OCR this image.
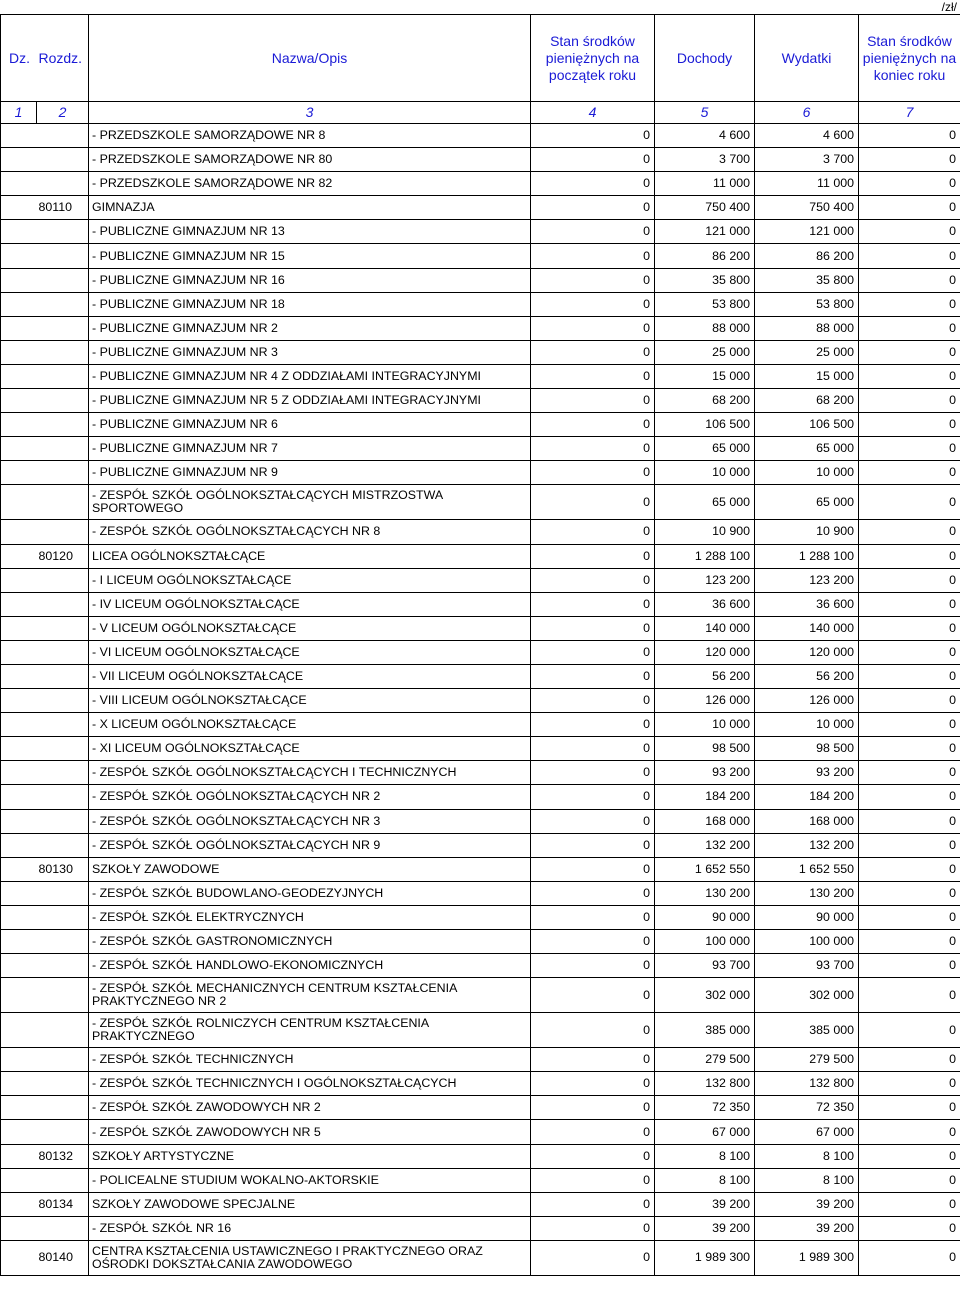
/zł/
Dz.	Rozdz.	Nazwa/Opis	Stan środków pieniężnych na początek roku	Dochody	Wydatki	Stan środków pieniężnych na koniec roku
1	2	3	4	5	6	7
		- PRZEDSZKOLE SAMORZĄDOWE NR 8	0	4 600	4 600	0
		- PRZEDSZKOLE SAMORZĄDOWE NR 80	0	3 700	3 700	0
		- PRZEDSZKOLE SAMORZĄDOWE NR 82	0	11 000	11 000	0
	80110	GIMNAZJA	0	750 400	750 400	0
		- PUBLICZNE GIMNAZJUM NR 13	0	121 000	121 000	0
		- PUBLICZNE GIMNAZJUM NR 15	0	86 200	86 200	0
		- PUBLICZNE GIMNAZJUM NR 16	0	35 800	35 800	0
		- PUBLICZNE GIMNAZJUM NR 18	0	53 800	53 800	0
		- PUBLICZNE GIMNAZJUM NR 2	0	88 000	88 000	0
		- PUBLICZNE GIMNAZJUM NR 3	0	25 000	25 000	0
		- PUBLICZNE GIMNAZJUM NR 4 Z ODDZIAŁAMI INTEGRACYJNYMI	0	15 000	15 000	0
		- PUBLICZNE GIMNAZJUM NR 5 Z ODDZIAŁAMI INTEGRACYJNYMI	0	68 200	68 200	0
		- PUBLICZNE GIMNAZJUM NR 6	0	106 500	106 500	0
		- PUBLICZNE GIMNAZJUM NR 7	0	65 000	65 000	0
		- PUBLICZNE GIMNAZJUM NR 9	0	10 000	10 000	0
		- ZESPÓŁ SZKÓŁ OGÓLNOKSZTAŁCĄCYCH MISTRZOSTWA SPORTOWEGO	0	65 000	65 000	0
		- ZESPÓŁ SZKÓŁ OGÓLNOKSZTAŁCĄCYCH NR 8	0	10 900	10 900	0
	80120	LICEA OGÓLNOKSZTAŁCĄCE	0	1 288 100	1 288 100	0
		- I LICEUM OGÓLNOKSZTAŁCĄCE	0	123 200	123 200	0
		- IV LICEUM OGÓLNOKSZTAŁCĄCE	0	36 600	36 600	0
		- V LICEUM OGÓLNOKSZTAŁCĄCE	0	140 000	140 000	0
		- VI LICEUM OGÓLNOKSZTAŁCĄCE	0	120 000	120 000	0
		- VII LICEUM OGÓLNOKSZTAŁCĄCE	0	56 200	56 200	0
		- VIII LICEUM OGÓLNOKSZTAŁCĄCE	0	126 000	126 000	0
		- X LICEUM OGÓLNOKSZTAŁCĄCE	0	10 000	10 000	0
		- XI LICEUM OGÓLNOKSZTAŁCĄCE	0	98 500	98 500	0
		- ZESPÓŁ SZKÓŁ OGÓLNOKSZTAŁCĄCYCH I TECHNICZNYCH	0	93 200	93 200	0
		- ZESPÓŁ SZKÓŁ OGÓLNOKSZTAŁCĄCYCH NR 2	0	184 200	184 200	0
		- ZESPÓŁ SZKÓŁ OGÓLNOKSZTAŁCĄCYCH NR 3	0	168 000	168 000	0
		- ZESPÓŁ SZKÓŁ OGÓLNOKSZTAŁCĄCYCH NR 9	0	132 200	132 200	0
	80130	SZKOŁY ZAWODOWE	0	1 652 550	1 652 550	0
		- ZESPÓŁ SZKÓŁ BUDOWLANO-GEODEZYJNYCH	0	130 200	130 200	0
		- ZESPÓŁ SZKÓŁ ELEKTRYCZNYCH	0	90 000	90 000	0
		- ZESPÓŁ SZKÓŁ GASTRONOMICZNYCH	0	100 000	100 000	0
		- ZESPÓŁ SZKÓŁ HANDLOWO-EKONOMICZNYCH	0	93 700	93 700	0
		- ZESPÓŁ SZKÓŁ MECHANICZNYCH CENTRUM KSZTAŁCENIA PRAKTYCZNEGO NR 2	0	302 000	302 000	0
		- ZESPÓŁ SZKÓŁ ROLNICZYCH CENTRUM KSZTAŁCENIA PRAKTYCZNEGO	0	385 000	385 000	0
		- ZESPÓŁ SZKÓŁ TECHNICZNYCH	0	279 500	279 500	0
		- ZESPÓŁ SZKÓŁ TECHNICZNYCH I OGÓLNOKSZTAŁCĄCYCH	0	132 800	132 800	0
		- ZESPÓŁ SZKÓŁ ZAWODOWYCH NR 2	0	72 350	72 350	0
		- ZESPÓŁ SZKÓŁ ZAWODOWYCH NR 5	0	67 000	67 000	0
	80132	SZKOŁY ARTYSTYCZNE	0	8 100	8 100	0
		- POLICEALNE STUDIUM WOKALNO-AKTORSKIE	0	8 100	8 100	0
	80134	SZKOŁY ZAWODOWE SPECJALNE	0	39 200	39 200	0
		- ZESPÓŁ SZKÓŁ NR 16	0	39 200	39 200	0
	80140	CENTRA KSZTAŁCENIA USTAWICZNEGO I PRAKTYCZNEGO ORAZ OŚRODKI DOKSZTAŁCANIA ZAWODOWEGO	0	1 989 300	1 989 300	0
